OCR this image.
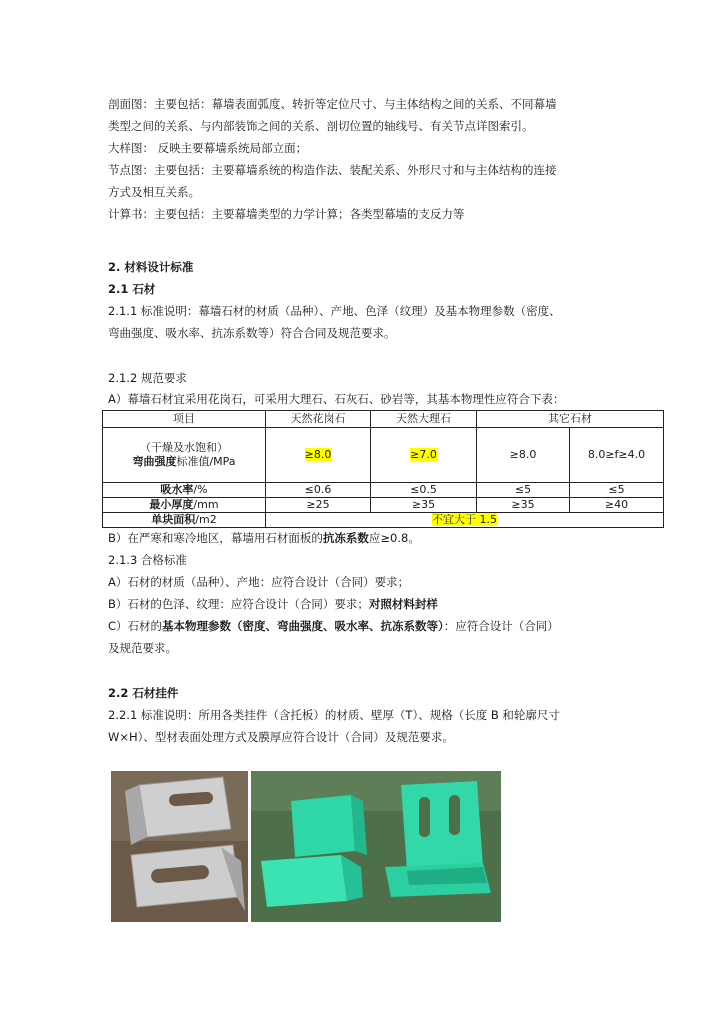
剖面图：主要包括：幕墙表面弧度、转折等定位尺寸、与主体结构之间的关系、不同幕墙
类型之间的关系、与内部装饰之间的关系、剖切位置的轴线号、有关节点详图索引。
大样图： 反映主要幕墙系统局部立面；
节点图：主要包括：主要幕墙系统的构造作法、装配关系、外形尺寸和与主体结构的连接
方式及相互关系。
计算书：主要包括：主要幕墙类型的力学计算；各类型幕墙的支反力等
2. 材料设计标准
2.1 石材
2.1.1 标准说明：幕墙石材的材质（品种）、产地、色泽（纹理）及基本物理参数（密度、
弯曲强度、吸水率、抗冻系数等）符合合同及规范要求。
2.1.2 规范要求
A）幕墙石材宜采用花岗石，可采用大理石、石灰石、砂岩等，其基本物理性应符合下表：
项目	天然花岗石	天然大理石	其它石材	

（干燥及水饱和）
弯曲强度标准值/MPa	≥8.0	≥7.0	≥8.0	8.0≥f≥4.0
吸水率/%	≤0.6	≤0.5	≤5	≤5
最小厚度/mm	≥25	≥35	≥35	≥40
单块面积/m2	不宜大于 1.5			
B）在严寒和寒冷地区，幕墙用石材面板的抗冻系数应≥0.8。
2.1.3 合格标准
A）石材的材质（品种）、产地：应符合设计（合同）要求；
B）石材的色泽、纹理：应符合设计（合同）要求；对照材料封样
C）石材的基本物理参数（密度、弯曲强度、吸水率、抗冻系数等）：应符合设计（合同）
及规范要求。
2.2 石材挂件
2.2.1 标准说明：所用各类挂件（含托板）的材质、壁厚（T）、规格（长度 B 和轮廓尺寸
W×H）、型材表面处理方式及膜厚应符合设计（合同）及规范要求。
